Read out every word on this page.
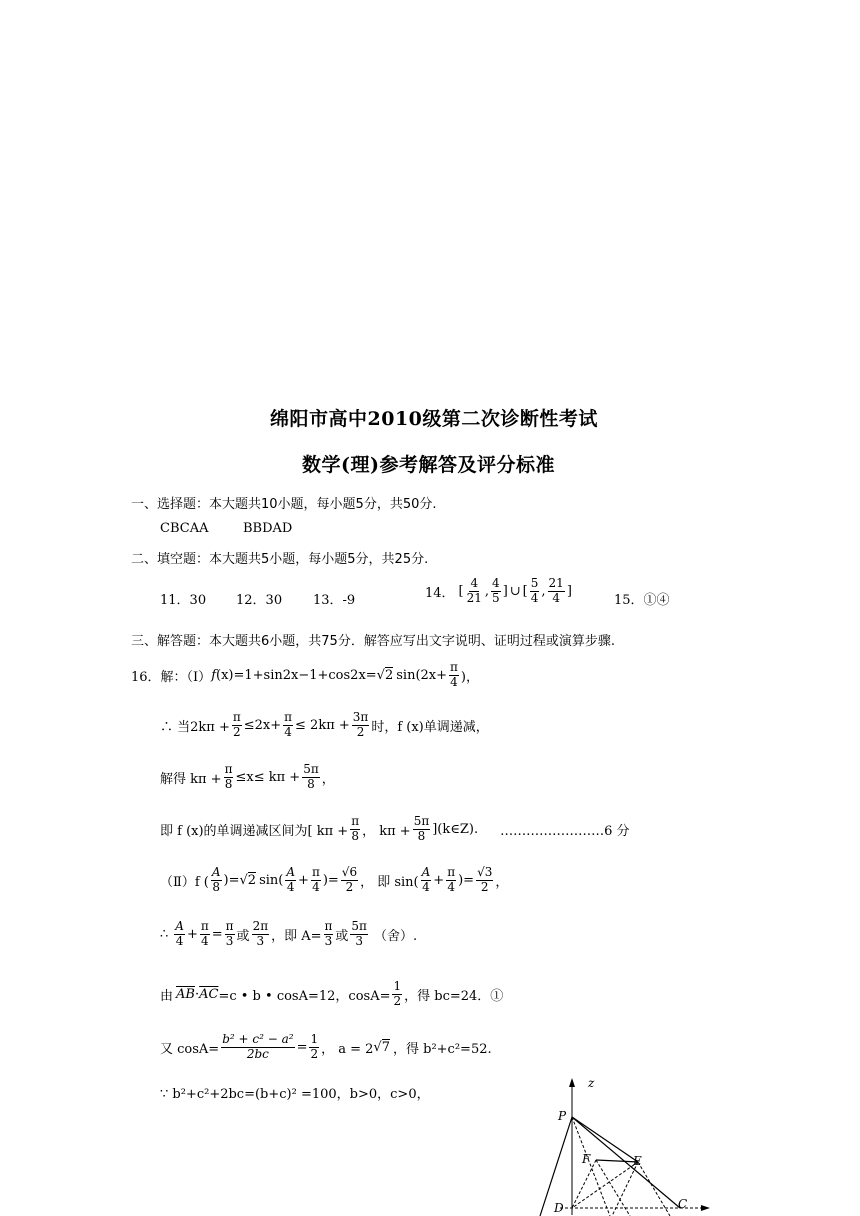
绵阳市高中2010级第二次诊断性考试
数学(理)参考解答及评分标准
一、选择题：本大题共10小题，每小题5分，共50分.
CBCAA	BBDAD
二、填空题：本大题共5小题，每小题5分，共25分.
11．30 12．30 13．-9	14． [ $\frac{4}{21}$ , $\frac{4}{5}$ ] ∪ [ $\frac{5}{4}$ , $\frac{21}{4}$ ]
15．①④
三、解答题：本大题共6小题，共75分．解答应写出文字说明、证明过程或演算步骤.
16．解：（Ⅰ） f (x)=1+sin2x−1+cos2x= √2 $\sin(2x+ \frac{\pi}{4}$ )，
∴ 当$2k\pi + \frac{\pi}{2} \le 2x+ \frac{\pi}{4} \le 2k\pi + \frac{3\pi}{2}$ 时，f (x)单调递减，
解得 $k\pi + \frac{\pi}{8} \le x\le k\pi + \frac{5\pi}{8}$ ，
即 f (x)的单调递减区间为[ $k\pi + \frac{\pi}{8}$ ， $k\pi + \frac{5\pi}{8}$ ](k∈Z). ……………………6 分
（Ⅱ）f ( $\frac{A}{8}$ )= √2 $\sin( \frac{A}{4} + \frac{\pi}{4}$ )= $\frac{√6}{2}$ ， 即 $\sin( \frac{A}{4} + \frac{\pi}{4}$ )= $\frac{√3}{2}$ ，
∴ $\frac{A}{4} + \frac{\pi}{4} = \frac{\pi}{3}$ 或 $\frac{2\pi}{3}$ ，即 $A= \frac{\pi}{3}$ 或 $\frac{5\pi}{3}$ （舍）.
由 $\overline{AB} \cdot \overline{AC} =c$ • b • cosA=12，$\cos A= \frac{1}{2}$ ，得 bc=24．①
又 $\cos A= \frac{\text{b² + c² − a²}}{2bc} = \frac{1}{2}$ ， a = 2 √7 ，得 b²+c²=52.
∵ b²+c²+2bc=(b+c)² =100，b>0，c>0，
z
P
F	E
D	C
